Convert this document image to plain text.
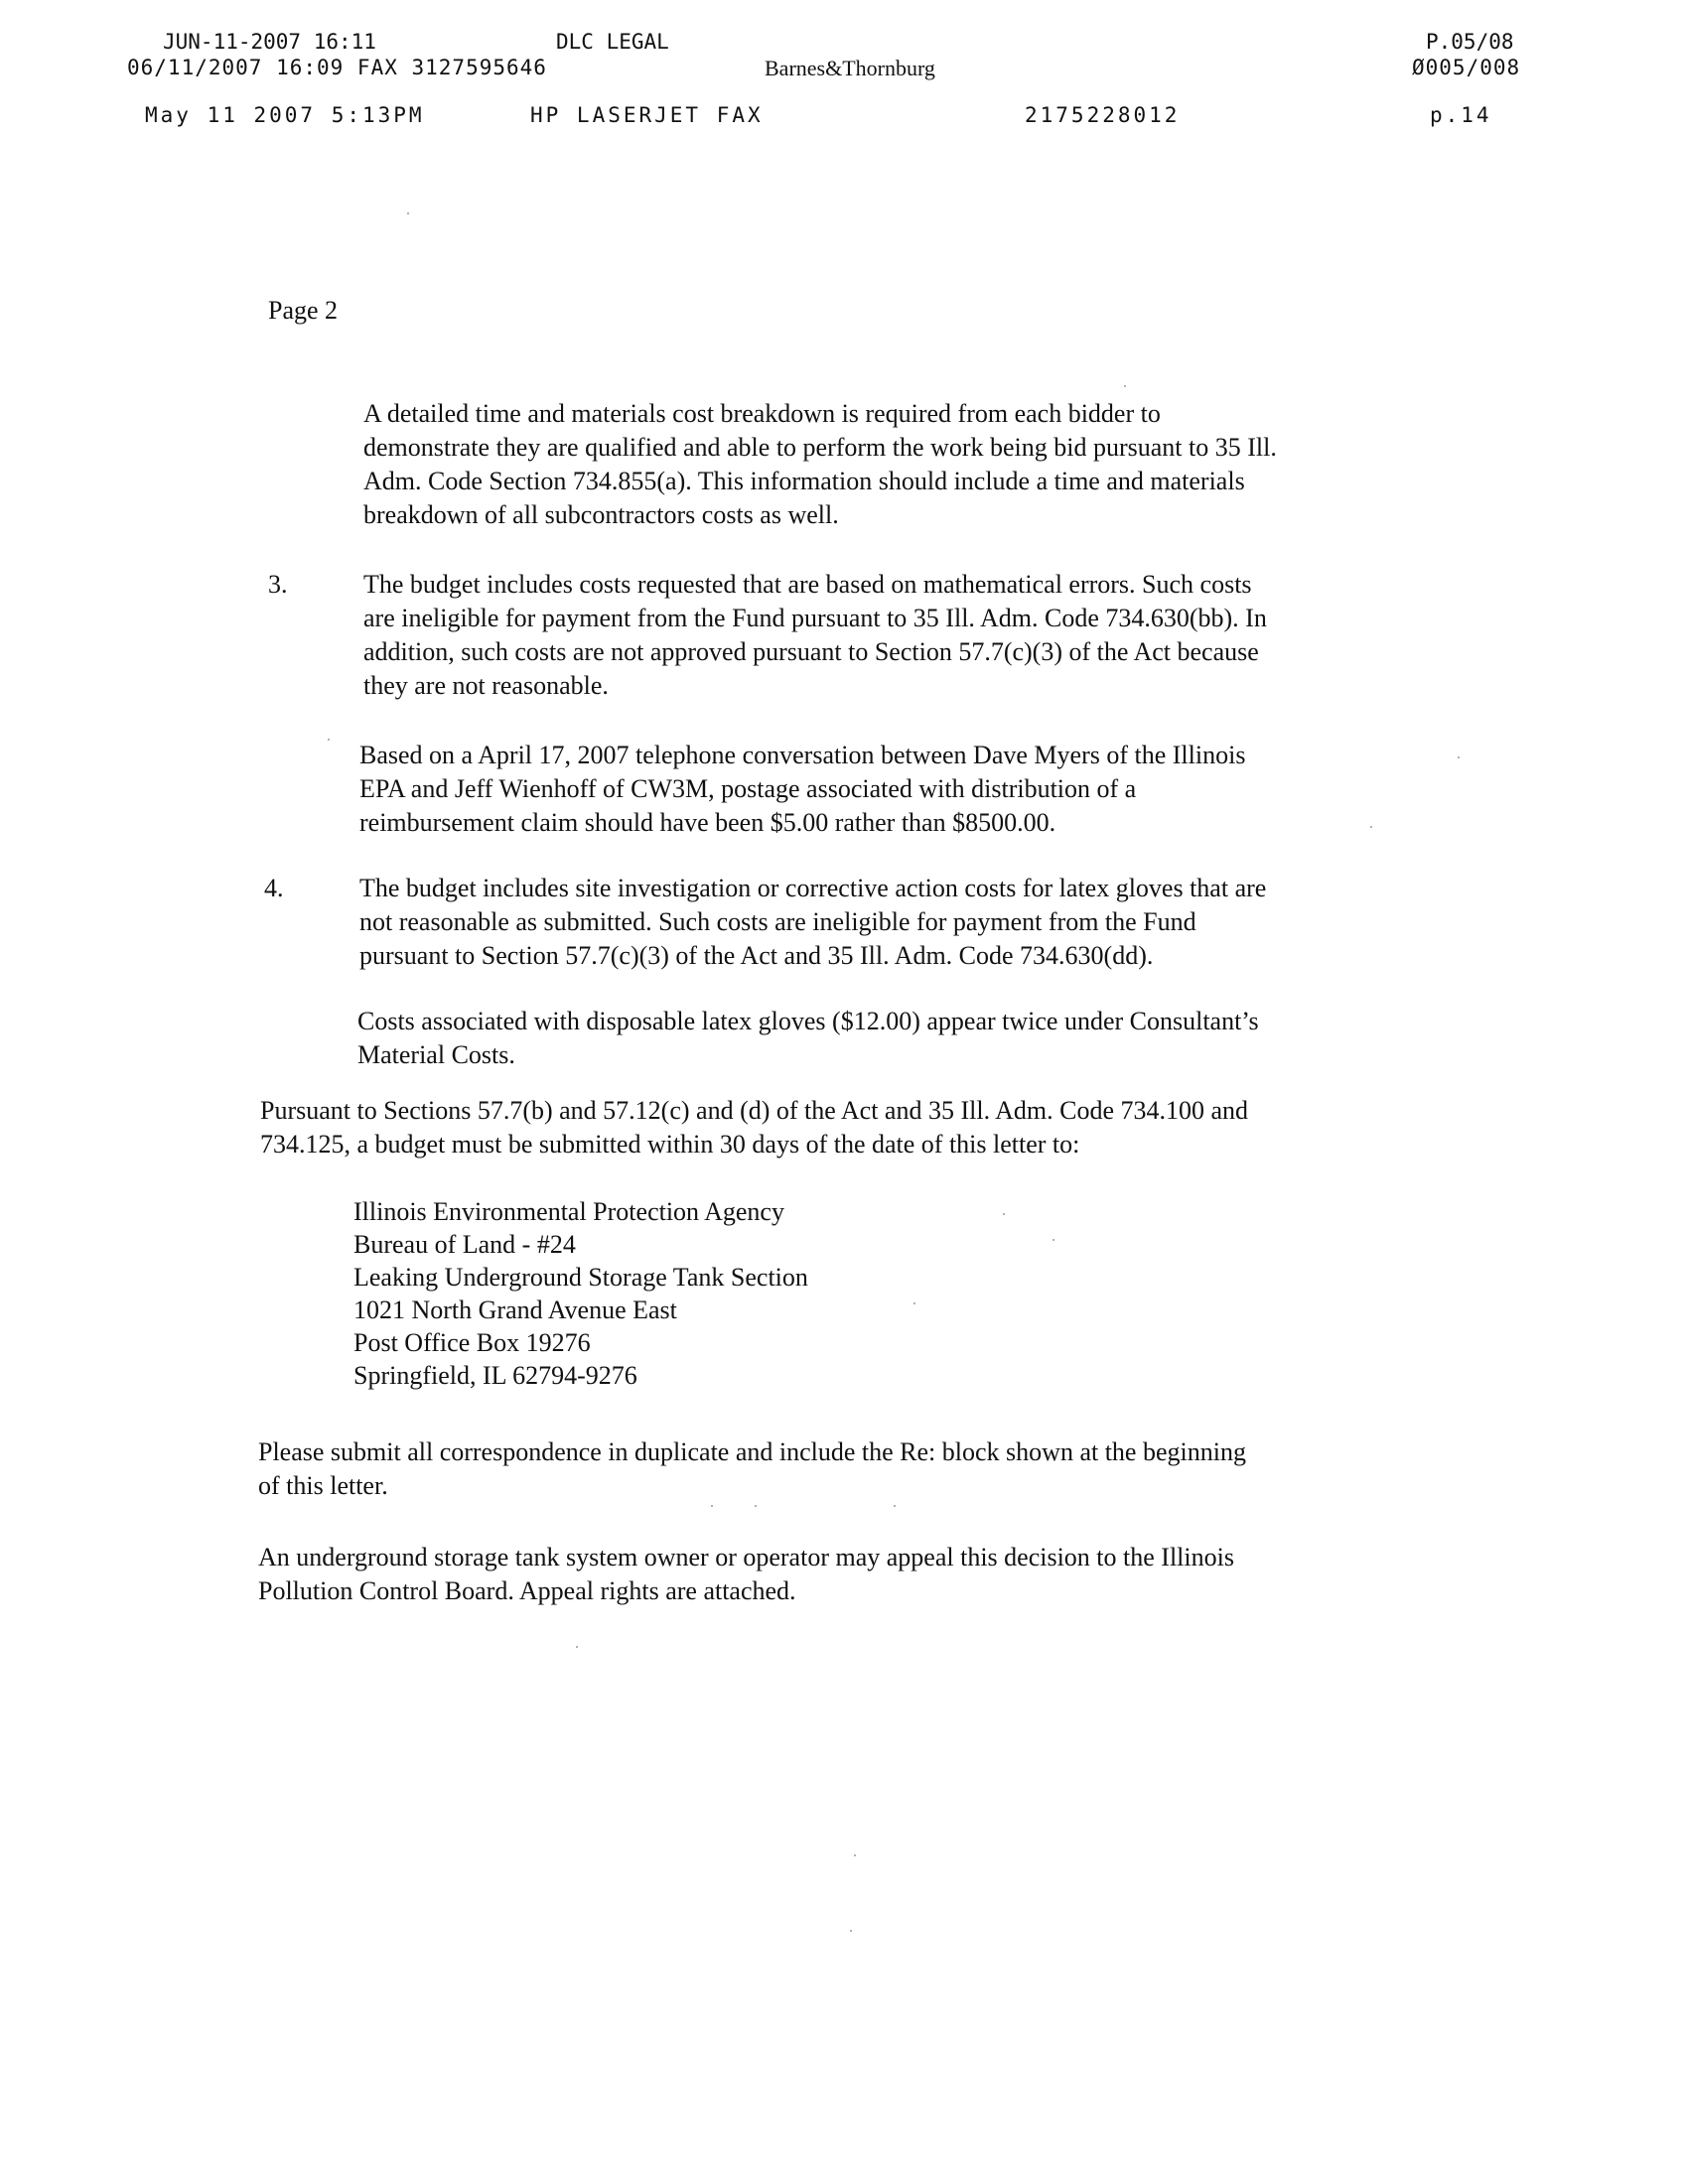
JUN-11-2007 16:11	DLC LEGAL	P.05/08
06/11/2007 16:09 FAX 3127595646	Barnes&Thornburg	Ø005/008
May 11 2007 5:13PM	HP LASERJET FAX	2175228012	p.14
Page 2
A detailed time and materials cost breakdown is required from each bidder to
demonstrate they are qualified and able to perform the work being bid pursuant to 35 Ill.
Adm. Code Section 734.855(a). This information should include a time and materials
breakdown of all subcontractors costs as well.
3.	The budget includes costs requested that are based on mathematical errors. Such costs
are ineligible for payment from the Fund pursuant to 35 Ill. Adm. Code 734.630(bb). In
addition, such costs are not approved pursuant to Section 57.7(c)(3) of the Act because
they are not reasonable.
Based on a April 17, 2007 telephone conversation between Dave Myers of the Illinois
EPA and Jeff Wienhoff of CW3M, postage associated with distribution of a
reimbursement claim should have been $5.00 rather than $8500.00.
4.	The budget includes site investigation or corrective action costs for latex gloves that are
not reasonable as submitted. Such costs are ineligible for payment from the Fund
pursuant to Section 57.7(c)(3) of the Act and 35 Ill. Adm. Code 734.630(dd).
Costs associated with disposable latex gloves ($12.00) appear twice under Consultant’s
Material Costs.
Pursuant to Sections 57.7(b) and 57.12(c) and (d) of the Act and 35 Ill. Adm. Code 734.100 and
734.125, a budget must be submitted within 30 days of the date of this letter to:
Illinois Environmental Protection Agency
Bureau of Land - #24
Leaking Underground Storage Tank Section
1021 North Grand Avenue East
Post Office Box 19276
Springfield, IL 62794-9276
Please submit all correspondence in duplicate and include the Re: block shown at the beginning
of this letter.
An underground storage tank system owner or operator may appeal this decision to the Illinois
Pollution Control Board. Appeal rights are attached.
